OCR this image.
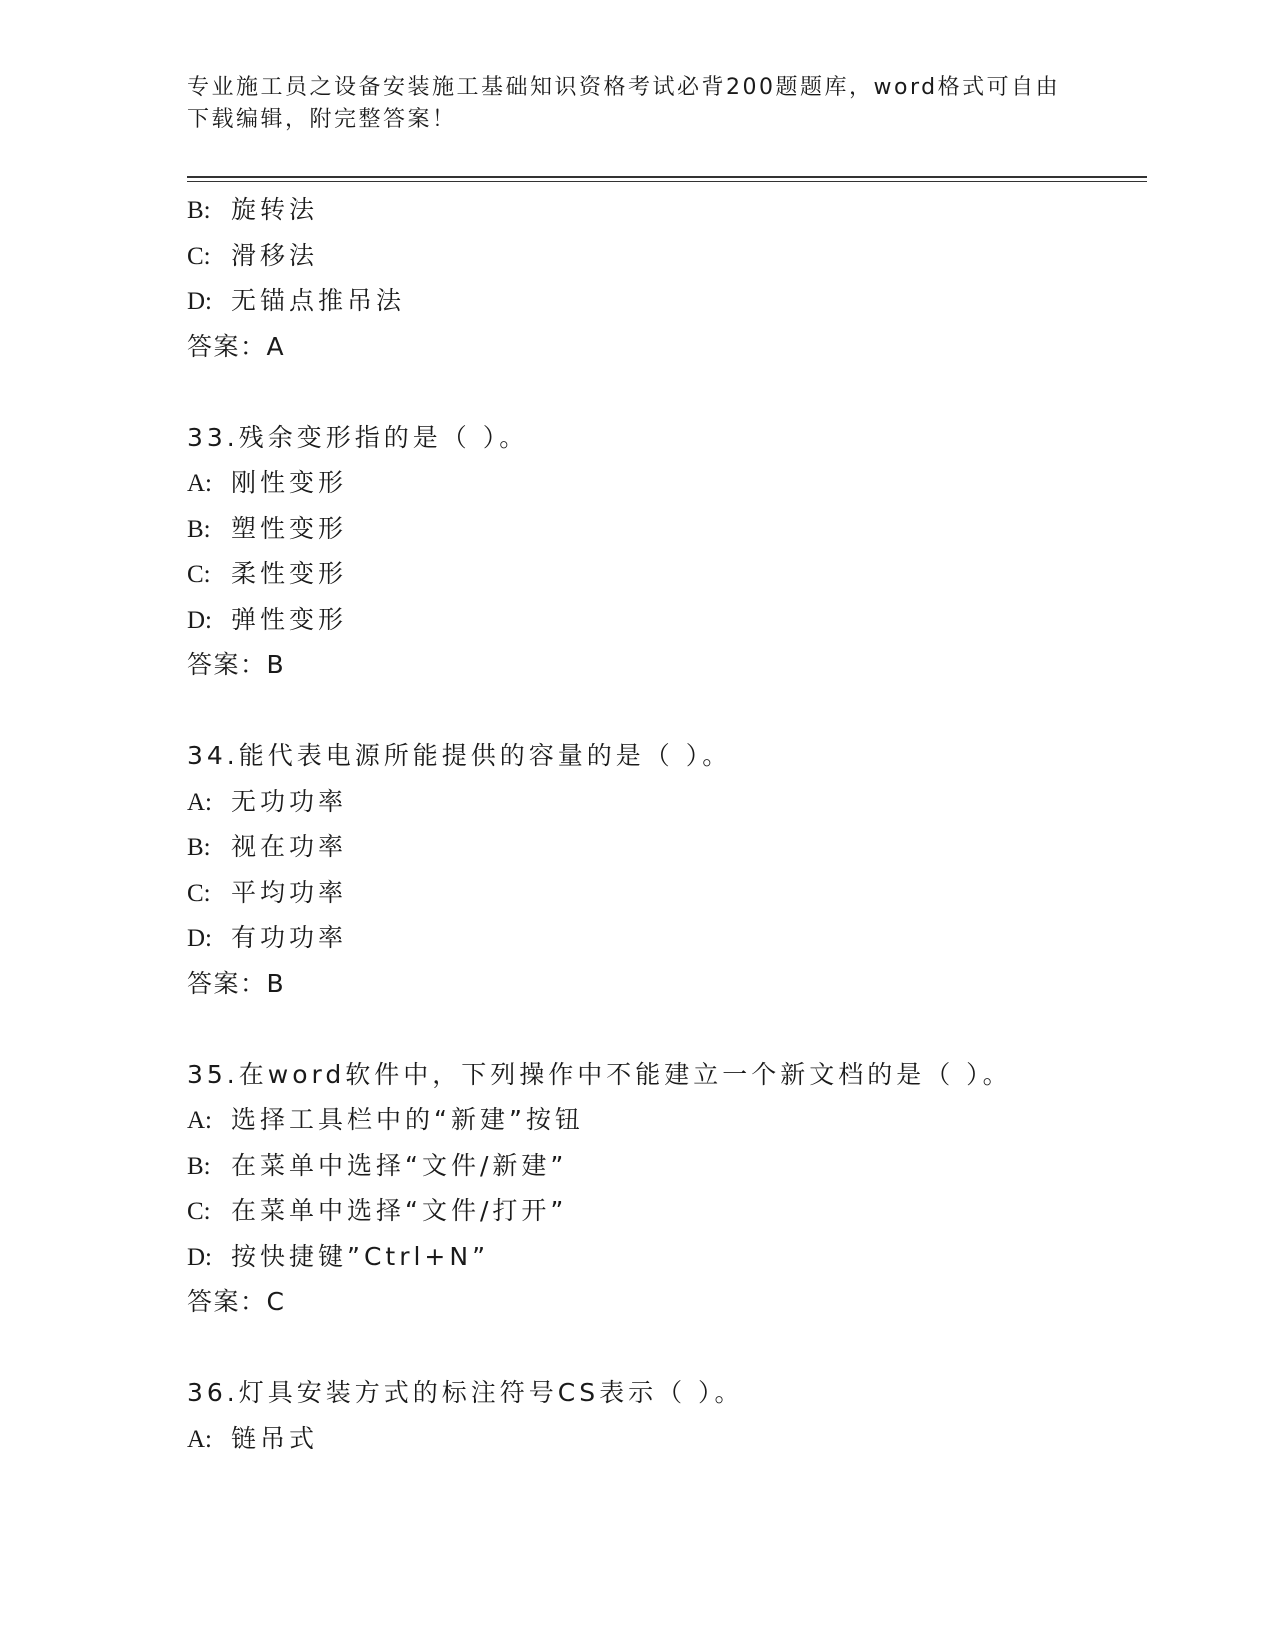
专业施工员之设备安装施工基础知识资格考试必背200题题库，word格式可自由
下载编辑，附完整答案！
B: 旋转法
C: 滑移法
D: 无锚点推吊法
答案：A
33.残余变形指的是（ ）。
A: 刚性变形
B: 塑性变形
C: 柔性变形
D: 弹性变形
答案：B
34.能代表电源所能提供的容量的是（ ）。
A: 无功功率
B: 视在功率
C: 平均功率
D: 有功功率
答案：B
35.在word软件中，下列操作中不能建立一个新文档的是（ ）。
A: 选择工具栏中的“新建”按钮
B: 在菜单中选择“文件/新建”
C: 在菜单中选择“文件/打开”
D: 按快捷键”Ctrl+N”
答案：C
36.灯具安装方式的标注符号CS表示（ ）。
A: 链吊式
